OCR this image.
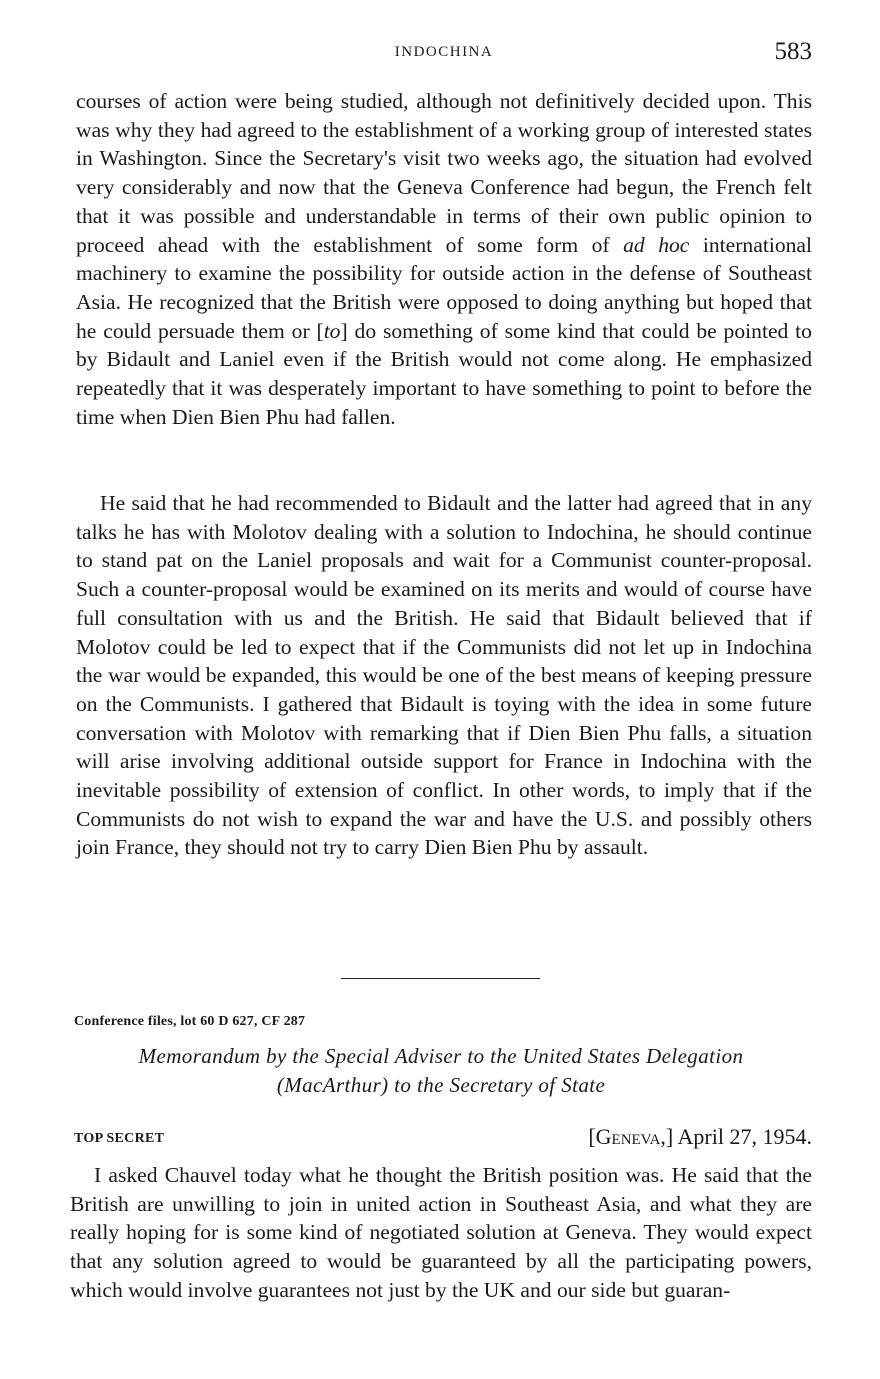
INDOCHINA	583

courses of action were being studied, although not definitively decided upon. This was why they had agreed to the establishment of a working group of interested states in Washington. Since the Secretary's visit two weeks ago, the situation had evolved very considerably and now that the Geneva Conference had begun, the French felt that it was possible and understandable in terms of their own public opinion to proceed ahead with the establishment of some form of ad hoc international machinery to examine the possibility for outside action in the defense of Southeast Asia. He recognized that the British were opposed to doing anything but hoped that he could persuade them or [to] do something of some kind that could be pointed to by Bidault and Laniel even if the British would not come along. He emphasized repeatedly that it was desperately important to have something to point to before the time when Dien Bien Phu had fallen.

He said that he had recommended to Bidault and the latter had agreed that in any talks he has with Molotov dealing with a solution to Indochina, he should continue to stand pat on the Laniel proposals and wait for a Communist counter-proposal. Such a counter-proposal would be examined on its merits and would of course have full consultation with us and the British. He said that Bidault believed that if Molotov could be led to expect that if the Communists did not let up in Indochina the war would be expanded, this would be one of the best means of keeping pressure on the Communists. I gathered that Bidault is toying with the idea in some future conversation with Molotov with remarking that if Dien Bien Phu falls, a situation will arise involving additional outside support for France in Indochina with the inevitable possibility of extension of conflict. In other words, to imply that if the Communists do not wish to expand the war and have the U.S. and possibly others join France, they should not try to carry Dien Bien Phu by assault.

Conference files, lot 60 D 627, CF 287
Memorandum by the Special Adviser to the United States Delegation
(MacArthur) to the Secretary of State
TOP SECRET	[Geneva,] April 27, 1954.

I asked Chauvel today what he thought the British position was. He said that the British are unwilling to join in united action in Southeast Asia, and what they are really hoping for is some kind of negotiated solution at Geneva. They would expect that any solution agreed to would be guaranteed by all the participating powers, which would involve guarantees not just by the UK and our side but guaran-
